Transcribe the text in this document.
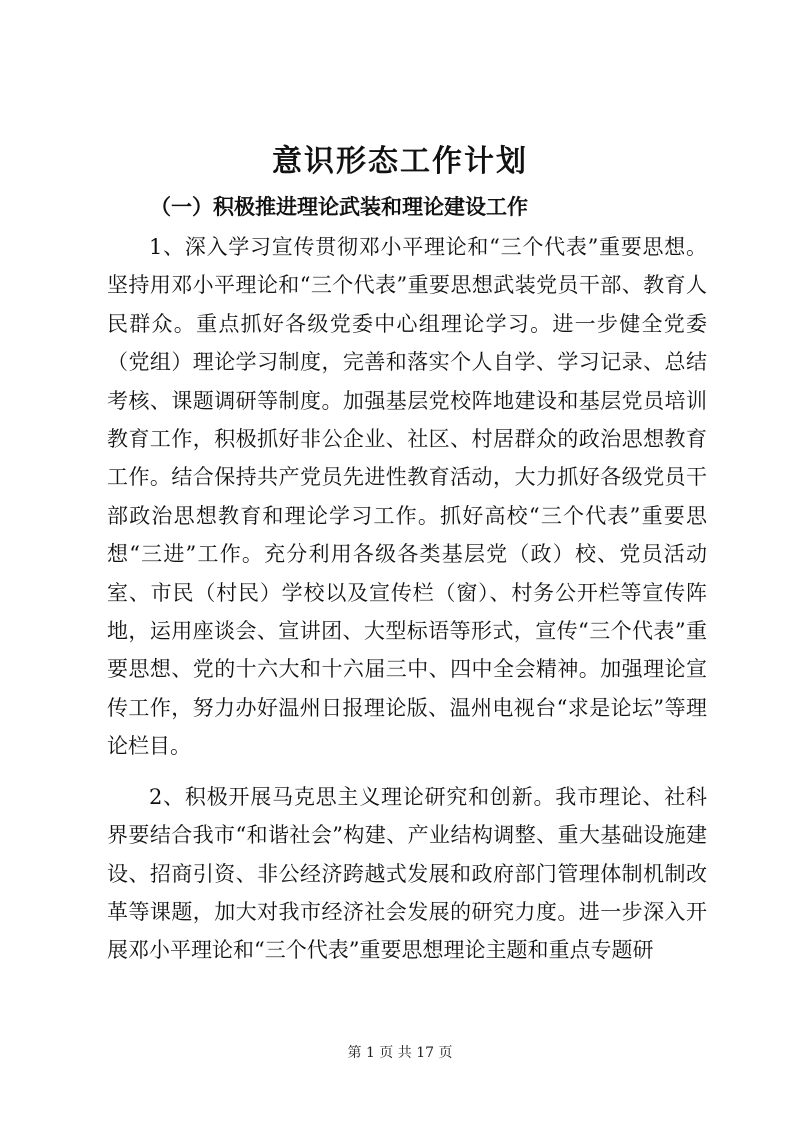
意识形态工作计划
（一）积极推进理论武装和理论建设工作

1、深入学习宣传贯彻邓小平理论和“三个代表”重要思想。坚持用邓小平理论和“三个代表”重要思想武装党员干部、教育人民群众。重点抓好各级党委中心组理论学习。进一步健全党委（党组）理论学习制度，完善和落实个人自学、学习记录、总结考核、课题调研等制度。加强基层党校阵地建设和基层党员培训教育工作，积极抓好非公企业、社区、村居群众的政治思想教育工作。结合保持共产党员先进性教育活动，大力抓好各级党员干部政治思想教育和理论学习工作。抓好高校“三个代表”重要思想“三进”工作。充分利用各级各类基层党（政）校、党员活动室、市民（村民）学校以及宣传栏（窗）、村务公开栏等宣传阵地，运用座谈会、宣讲团、大型标语等形式，宣传“三个代表”重要思想、党的十六大和十六届三中、四中全会精神。加强理论宣传工作，努力办好温州日报理论版、温州电视台“求是论坛”等理论栏目。

2、积极开展马克思主义理论研究和创新。我市理论、社科界要结合我市“和谐社会”构建、产业结构调整、重大基础设施建设、招商引资、非公经济跨越式发展和政府部门管理体制机制改革等课题，加大对我市经济社会发展的研究力度。进一步深入开展邓小平理论和“三个代表”重要思想理论主题和重点专题研

第 1 页 共 17 页
